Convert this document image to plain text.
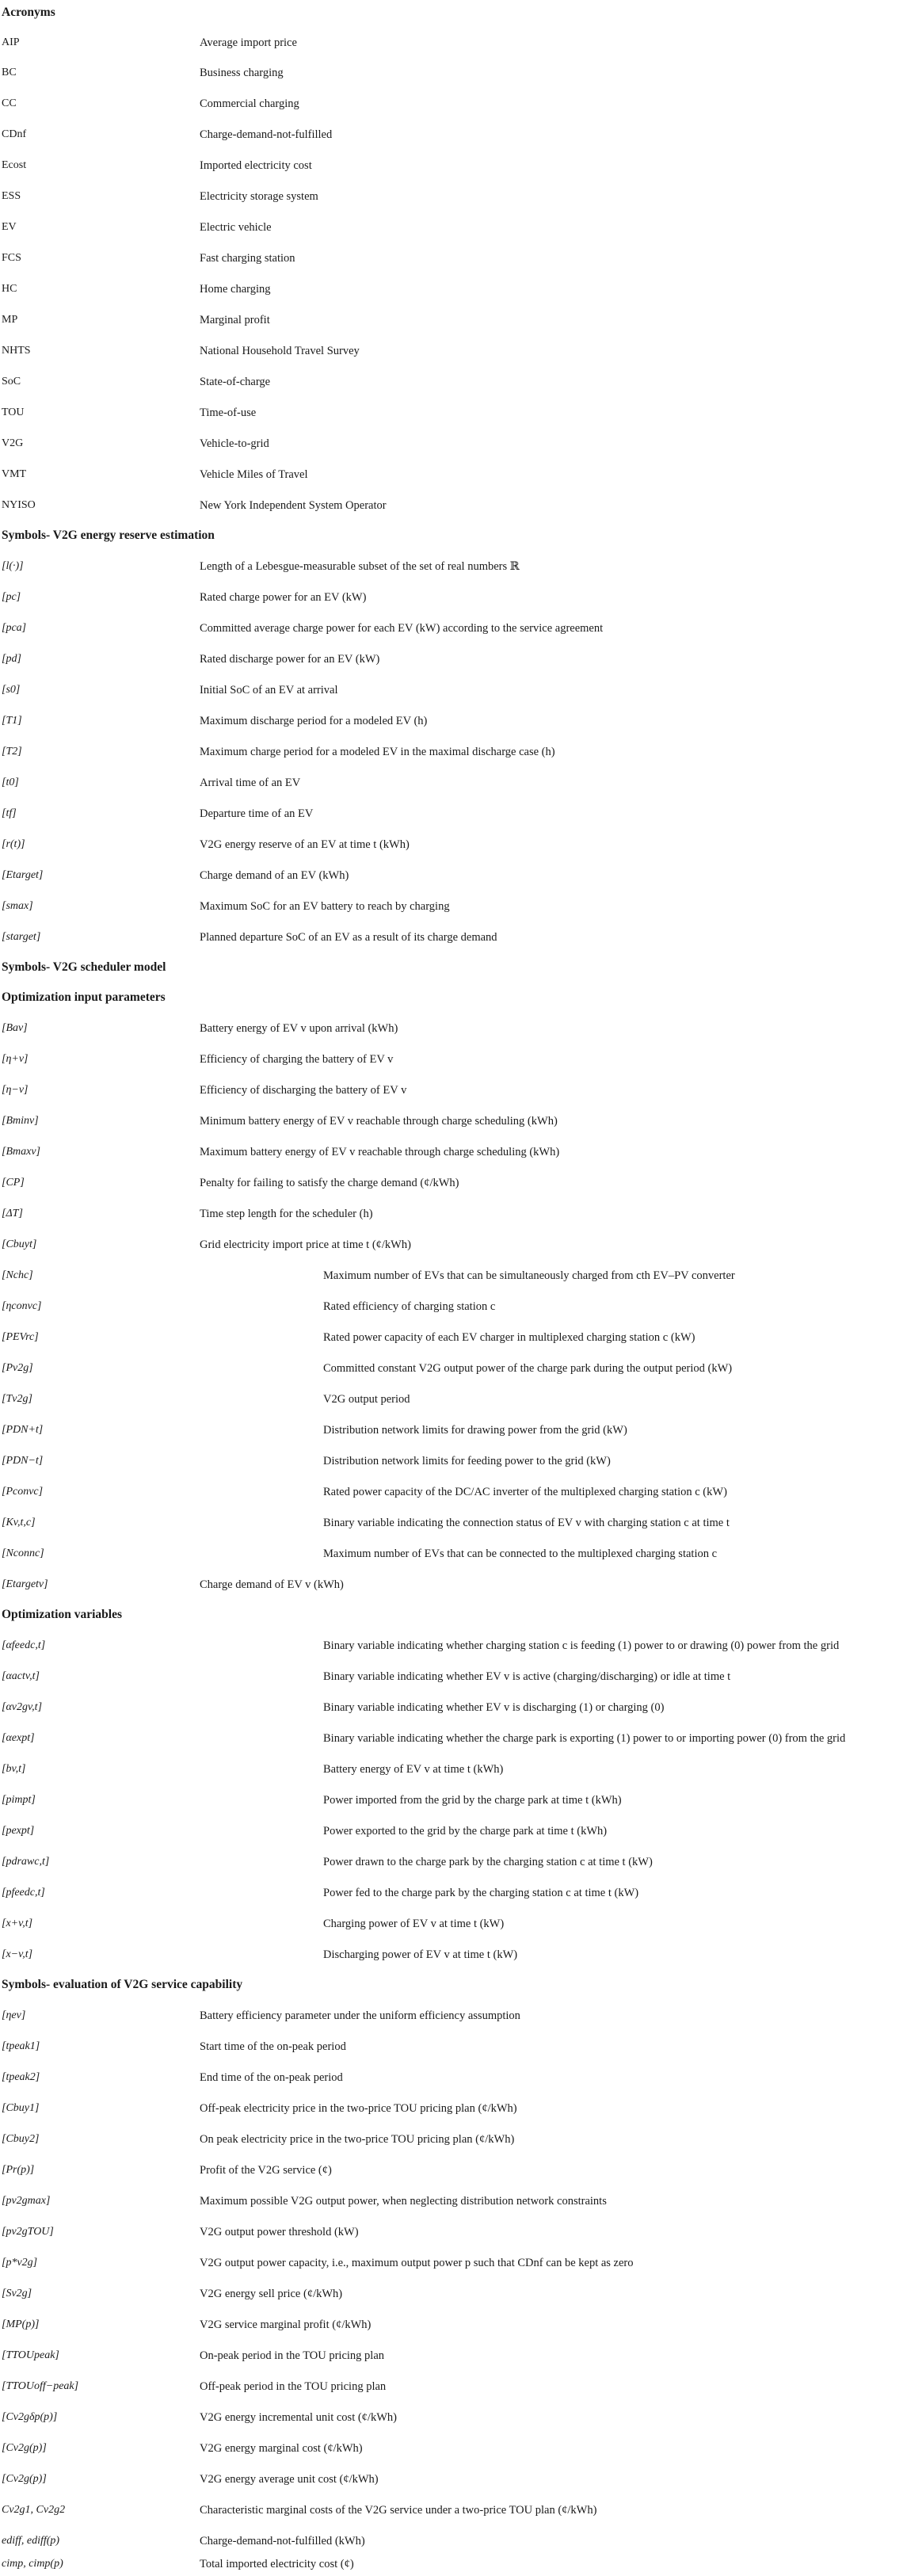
Acronyms
AIP	Average import price
BC	Business charging
CC	Commercial charging
CDnf	Charge-demand-not-fulfilled
Ecost	Imported electricity cost
ESS	Electricity storage system
EV	Electric vehicle
FCS	Fast charging station
HC	Home charging
MP	Marginal profit
NHTS	National Household Travel Survey
SoC	State-of-charge
TOU	Time-of-use
V2G	Vehicle-to-grid
VMT	Vehicle Miles of Travel
NYISO	New York Independent System Operator
Symbols- V2G energy reserve estimation
[l(·)]	Length of a Lebesgue-measurable subset of the set of real numbers ℝ
[pc]	Rated charge power for an EV (kW)
[pca]	Committed average charge power for each EV (kW) according to the service agreement
[pd]	Rated discharge power for an EV (kW)
[s0]	Initial SoC of an EV at arrival
[T1]	Maximum discharge period for a modeled EV (h)
[T2]	Maximum charge period for a modeled EV in the maximal discharge case (h)
[t0]	Arrival time of an EV
[tf]	Departure time of an EV
[r(t)]	V2G energy reserve of an EV at time t (kWh)
[Etarget]	Charge demand of an EV (kWh)
[smax]	Maximum SoC for an EV battery to reach by charging
[starget]	Planned departure SoC of an EV as a result of its charge demand
Symbols- V2G scheduler model
Optimization input parameters
[Bav]	Battery energy of EV v upon arrival (kWh)
[η+v]	Efficiency of charging the battery of EV v
[η−v]	Efficiency of discharging the battery of EV v
[Bminv]	Minimum battery energy of EV v reachable through charge scheduling (kWh)
[Bmaxv]	Maximum battery energy of EV v reachable through charge scheduling (kWh)
[CP]	Penalty for failing to satisfy the charge demand (¢/kWh)
[ΔT]	Time step length for the scheduler (h)
[Cbuyt]	Grid electricity import price at time t (¢/kWh)
[Nchc]	Maximum number of EVs that can be simultaneously charged from cth EV–PV converter
[ηconvc]	Rated efficiency of charging station c
[PEVrc]	Rated power capacity of each EV charger in multiplexed charging station c (kW)
[Pv2g]	Committed constant V2G output power of the charge park during the output period (kW)
[Tv2g]	V2G output period
[PDN+t]	Distribution network limits for drawing power from the grid (kW)
[PDN−t]	Distribution network limits for feeding power to the grid (kW)
[Pconvc]	Rated power capacity of the DC/AC inverter of the multiplexed charging station c (kW)
[Kv,t,c]	Binary variable indicating the connection status of EV v with charging station c at time t
[Nconnc]	Maximum number of EVs that can be connected to the multiplexed charging station c
[Etargetv]	Charge demand of EV v (kWh)
Optimization variables
[αfeedc,t]	Binary variable indicating whether charging station c is feeding (1) power to or drawing (0) power from the grid
[αactv,t]	Binary variable indicating whether EV v is active (charging/discharging) or idle at time t
[αv2gv,t]	Binary variable indicating whether EV v is discharging (1) or charging (0)
[αexpt]	Binary variable indicating whether the charge park is exporting (1) power to or importing power (0) from the grid
[bv,t]	Battery energy of EV v at time t (kWh)
[pimpt]	Power imported from the grid by the charge park at time t (kWh)
[pexpt]	Power exported to the grid by the charge park at time t (kWh)
[pdrawc,t]	Power drawn to the charge park by the charging station c at time t (kW)
[pfeedc,t]	Power fed to the charge park by the charging station c at time t (kW)
[x+v,t]	Charging power of EV v at time t (kW)
[x−v,t]	Discharging power of EV v at time t (kW)
Symbols- evaluation of V2G service capability
[ηev]	Battery efficiency parameter under the uniform efficiency assumption
[tpeak1]	Start time of the on-peak period
[tpeak2]	End time of the on-peak period
[Cbuy1]	Off-peak electricity price in the two-price TOU pricing plan (¢/kWh)
[Cbuy2]	On peak electricity price in the two-price TOU pricing plan (¢/kWh)
[Pr(p)]	Profit of the V2G service (¢)
[pv2gmax]	Maximum possible V2G output power, when neglecting distribution network constraints
[pv2gTOU]	V2G output power threshold (kW)
[p*v2g]	V2G output power capacity, i.e., maximum output power p such that CDnf can be kept as zero
[Sv2g]	V2G energy sell price (¢/kWh)
[MP(p)]	V2G service marginal profit (¢/kWh)
[TTOUpeak]	On-peak period in the TOU pricing plan
[TTOUoff−peak]	Off-peak period in the TOU pricing plan
[Cv2gδp(p)]	V2G energy incremental unit cost (¢/kWh)
[Cv2g(p)]	V2G energy marginal cost (¢/kWh)
[Cv2g(p)]	V2G energy average unit cost (¢/kWh)
Cv2g1, Cv2g2	Characteristic marginal costs of the V2G service under a two-price TOU plan (¢/kWh)
ediff, ediff(p)	Charge-demand-not-fulfilled (kWh)
cimp, cimp(p)	Total imported electricity cost (¢)
